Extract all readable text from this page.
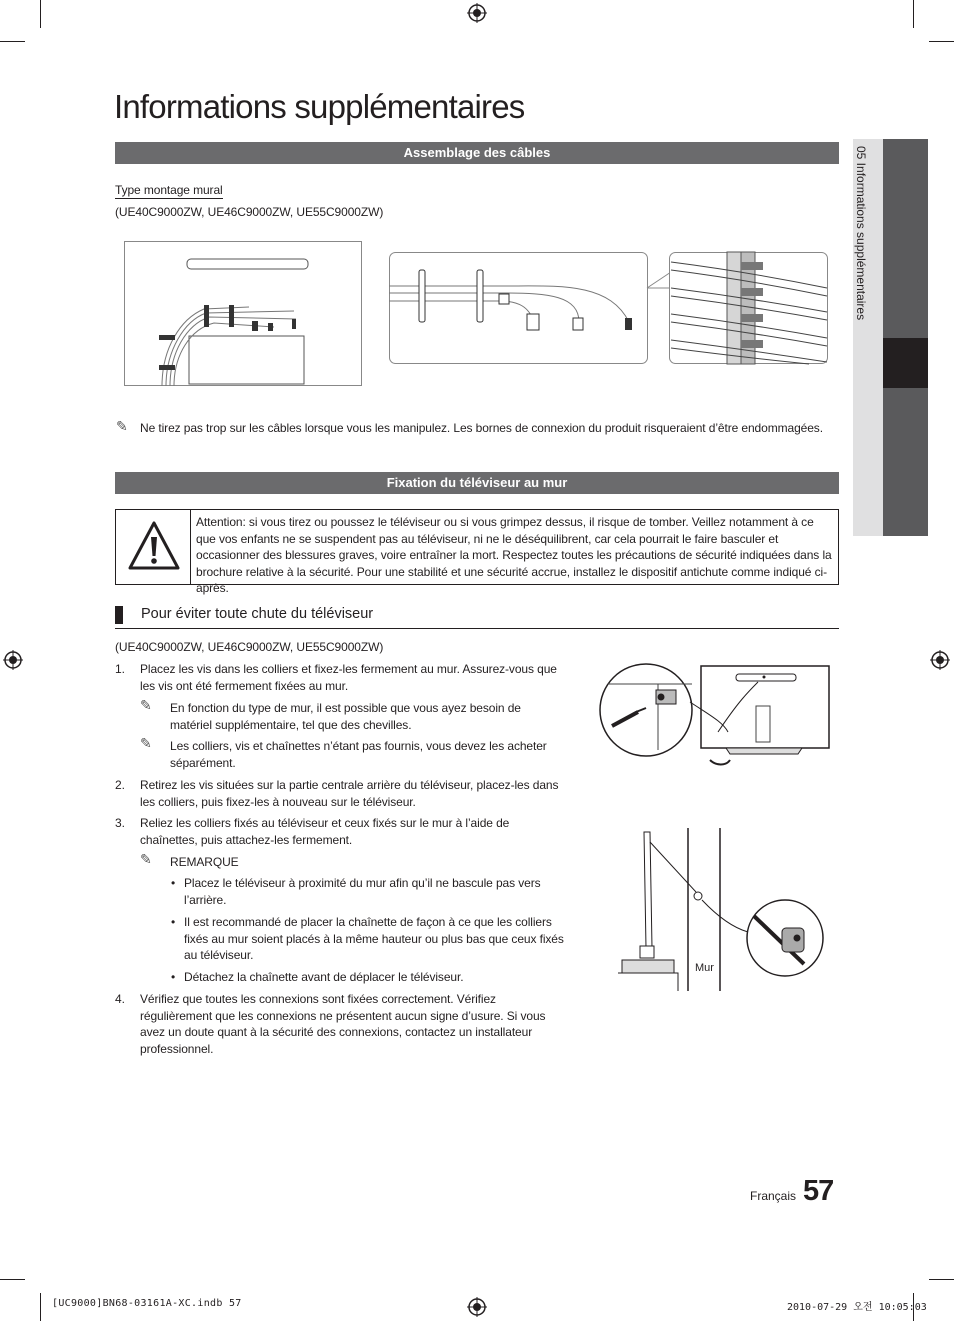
05 Informations supplémentaires
Informations supplémentaires
Assemblage des câbles
Type montage mural
(UE40C9000ZW, UE46C9000ZW, UE55C9000ZW)
✎ Ne tirez pas trop sur les câbles lorsque vous les manipulez. Les bornes de connexion du produit risqueraient d’être endommagées.
Fixation du téléviseur au mur
Attention: si vous tirez ou poussez le téléviseur ou si vous grimpez dessus, il risque de tomber. Veillez notamment à ce que vos enfants ne se suspendent pas au téléviseur, ni ne le déséquilibrent, car cela pourrait le faire basculer et occasionner des blessures graves, voire entraîner la mort. Respectez toutes les précautions de sécurité indiquées dans la brochure relative à la sécurité. Pour une stabilité et une sécurité accrue, installez le dispositif antichute comme indiqué ci-après.
Pour éviter toute chute du téléviseur
(UE40C9000ZW, UE46C9000ZW, UE55C9000ZW)
1. Placez les vis dans les colliers et fixez-les fermement au mur. Assurez-vous que les vis ont été fermement fixées au mur.
✎ En fonction du type de mur, il est possible que vous ayez besoin de matériel supplémentaire, tel que des chevilles.
✎ Les colliers, vis et chaînettes n’étant pas fournis, vous devez les acheter séparément.
2. Retirez les vis situées sur la partie centrale arrière du téléviseur, placez-les dans les colliers, puis fixez-les à nouveau sur le téléviseur.
3. Reliez les colliers fixés au téléviseur et ceux fixés sur le mur à l’aide de chaînettes, puis attachez-les fermement.
✎ REMARQUE
• Placez le téléviseur à proximité du mur afin qu’il ne bascule pas vers l’arrière.
• Il est recommandé de placer la chaînette de façon à ce que les colliers fixés au mur soient placés à la même hauteur ou plus bas que ceux fixés au téléviseur.
• Détachez la chaînette avant de déplacer le téléviseur.
4. Vérifiez que toutes les connexions sont fixées correctement. Vérifiez régulièrement que les connexions ne présentent aucun signe d’usure. Si vous avez un doute quant à la sécurité des connexions, contactez un installateur professionnel.
Mur
Français 57
[UC9000]BN68-03161A-XC.indb 57	2010-07-29 오전 10:05:03
